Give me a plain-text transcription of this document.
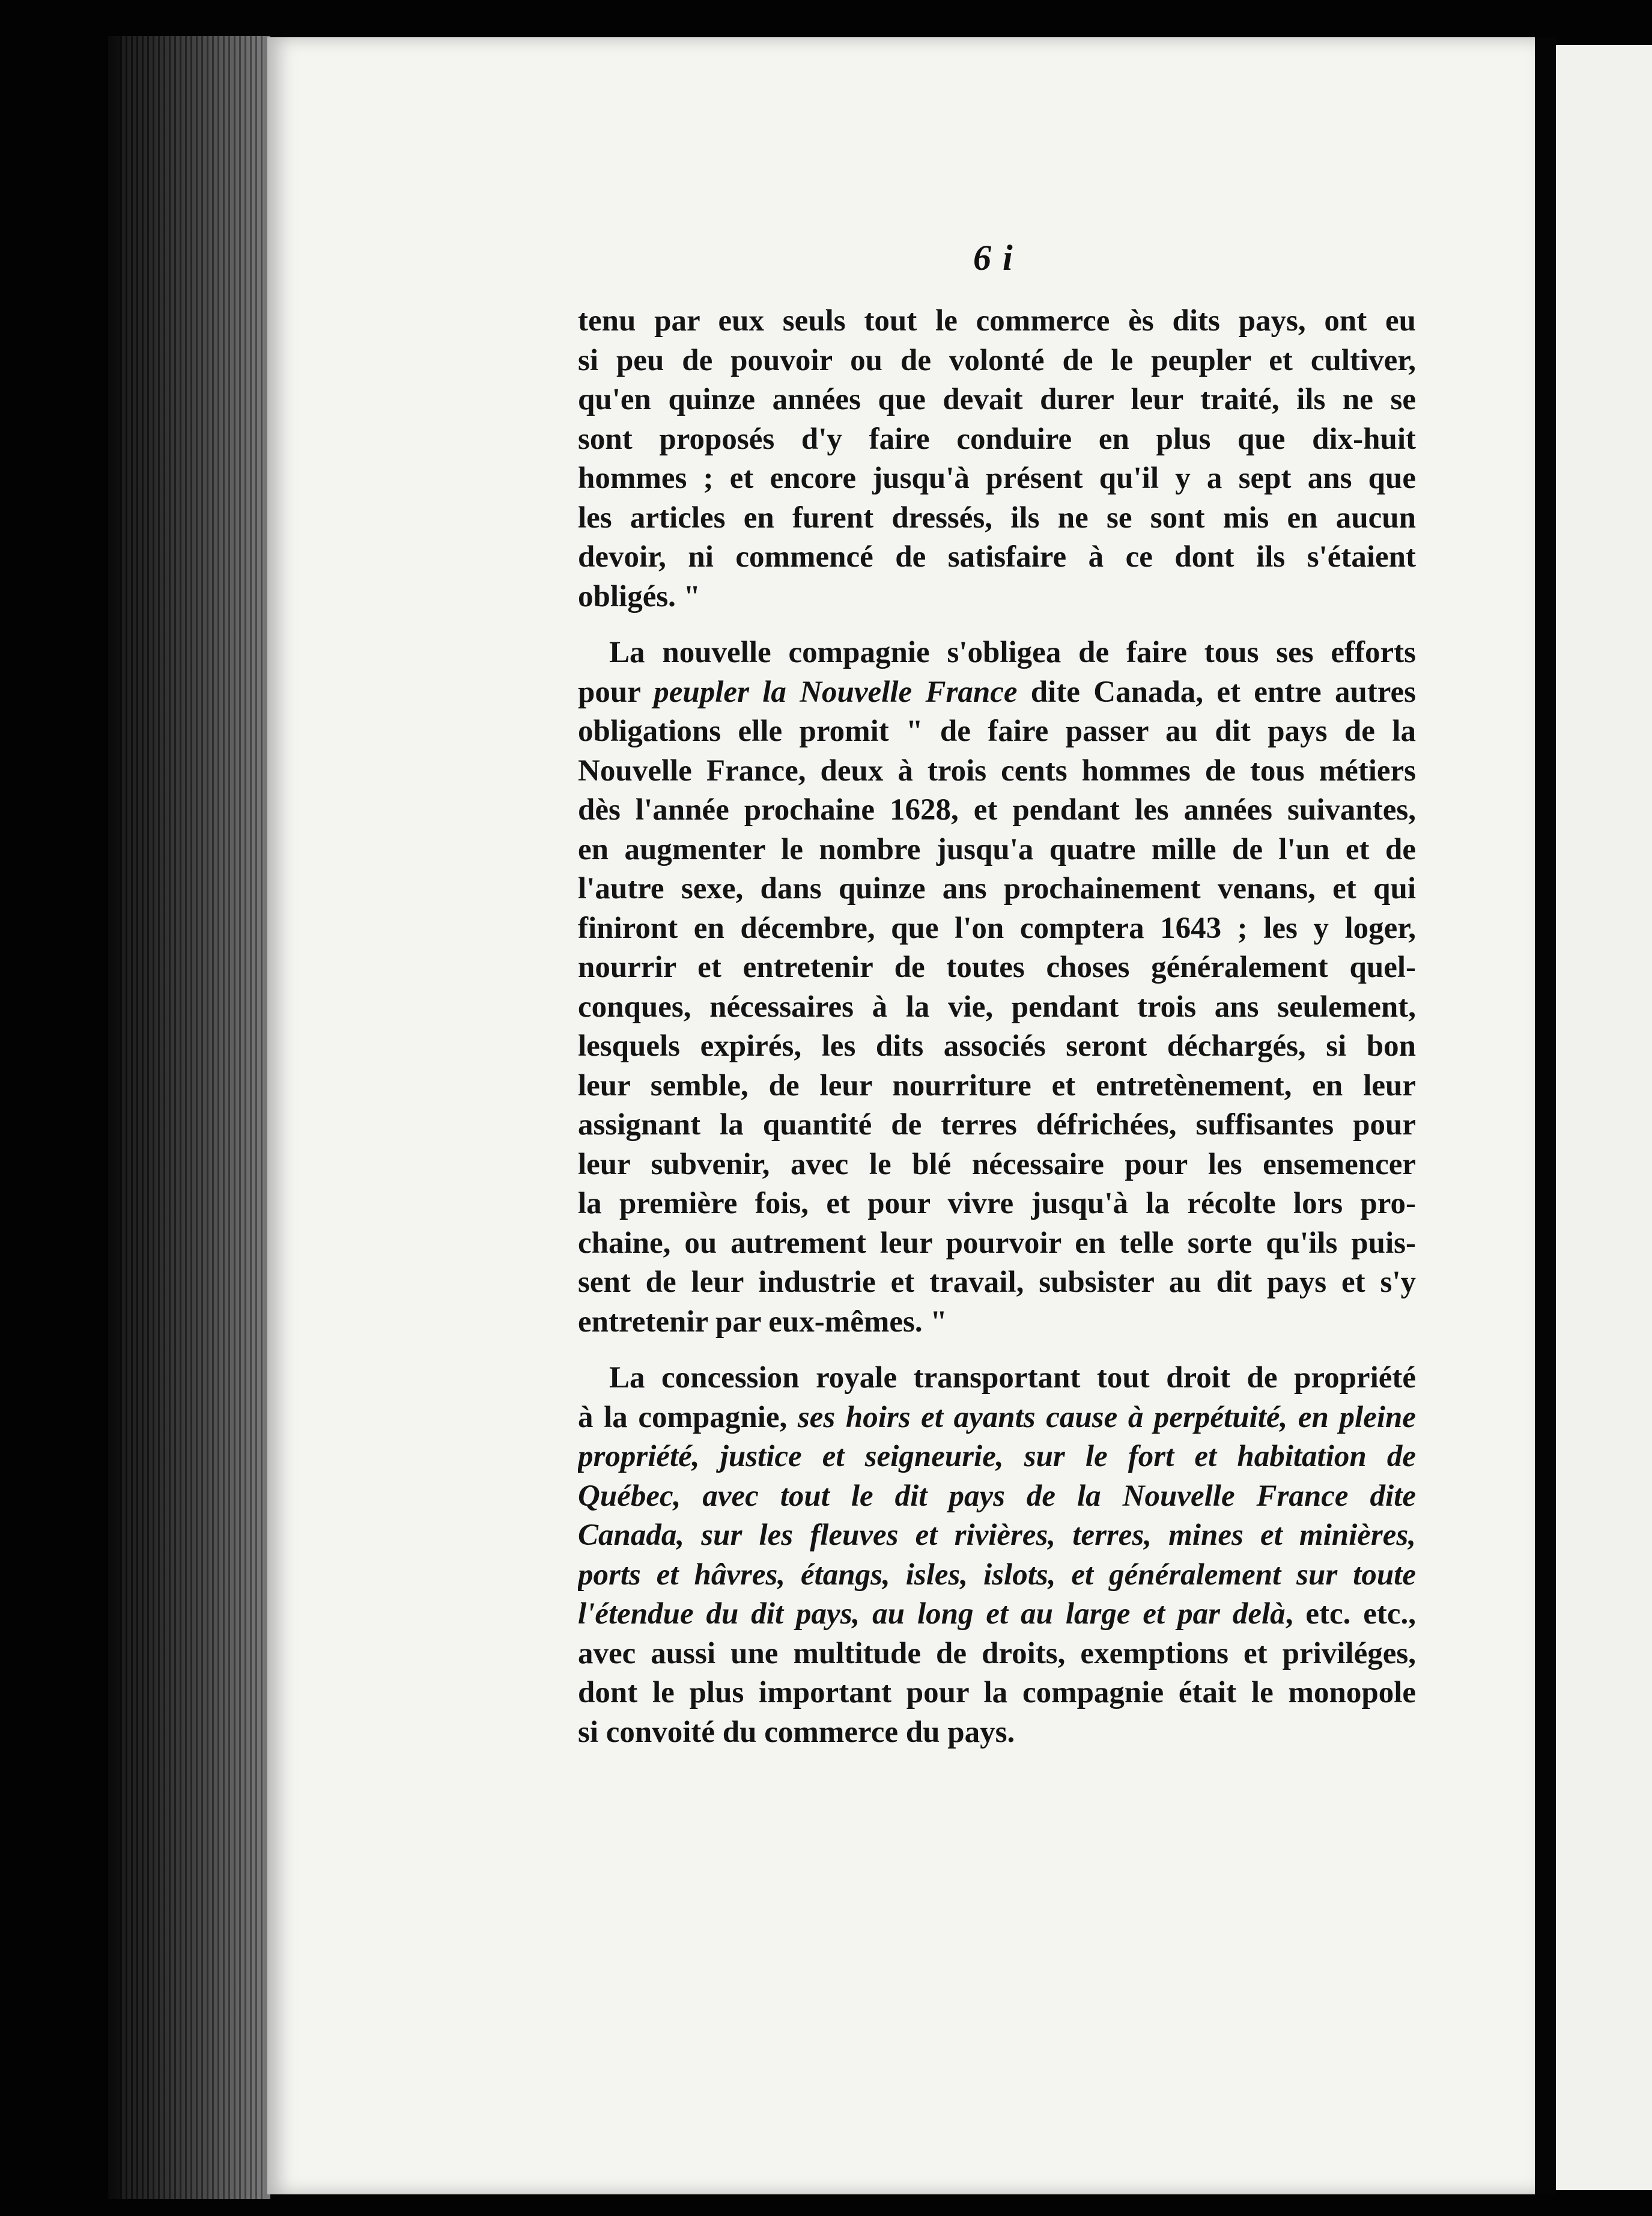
6 i
tenu par eux seuls tout le commerce ès dits pays, ont eu
si peu de pouvoir ou de volonté de le peupler et cultiver,
qu'en quinze années que devait durer leur traité, ils ne se
sont proposés d'y faire conduire en plus que dix-huit
hommes ; et encore jusqu'à présent qu'il y a sept ans que
les articles en furent dressés, ils ne se sont mis en aucun
devoir, ni commencé de satisfaire à ce dont ils s'étaient
obligés. "
La nouvelle compagnie s'obligea de faire tous ses efforts
pour peupler la Nouvelle France dite Canada, et entre autres
obligations elle promit " de faire passer au dit pays de la
Nouvelle France, deux à trois cents hommes de tous métiers
dès l'année prochaine 1628, et pendant les années suivantes,
en augmenter le nombre jusqu'a quatre mille de l'un et de
l'autre sexe, dans quinze ans prochainement venans, et qui
finiront en décembre, que l'on comptera 1643 ; les y loger,
nourrir et entretenir de toutes choses généralement quel-
conques, nécessaires à la vie, pendant trois ans seulement,
lesquels expirés, les dits associés seront déchargés, si bon
leur semble, de leur nourriture et entretènement, en leur
assignant la quantité de terres défrichées, suffisantes pour
leur subvenir, avec le blé nécessaire pour les ensemencer
la première fois, et pour vivre jusqu'à la récolte lors pro-
chaine, ou autrement leur pourvoir en telle sorte qu'ils puis-
sent de leur industrie et travail, subsister au dit pays et s'y
entretenir par eux-mêmes. "
La concession royale transportant tout droit de propriété
à la compagnie, ses hoirs et ayants cause à perpétuité, en pleine
propriété, justice et seigneurie, sur le fort et habitation de
Québec, avec tout le dit pays de la Nouvelle France dite
Canada, sur les fleuves et rivières, terres, mines et minières,
ports et hâvres, étangs, isles, islots, et généralement sur toute
l'étendue du dit pays, au long et au large et par delà, etc. etc.,
avec aussi une multitude de droits, exemptions et priviléges,
dont le plus important pour la compagnie était le monopole
si convoité du commerce du pays.
